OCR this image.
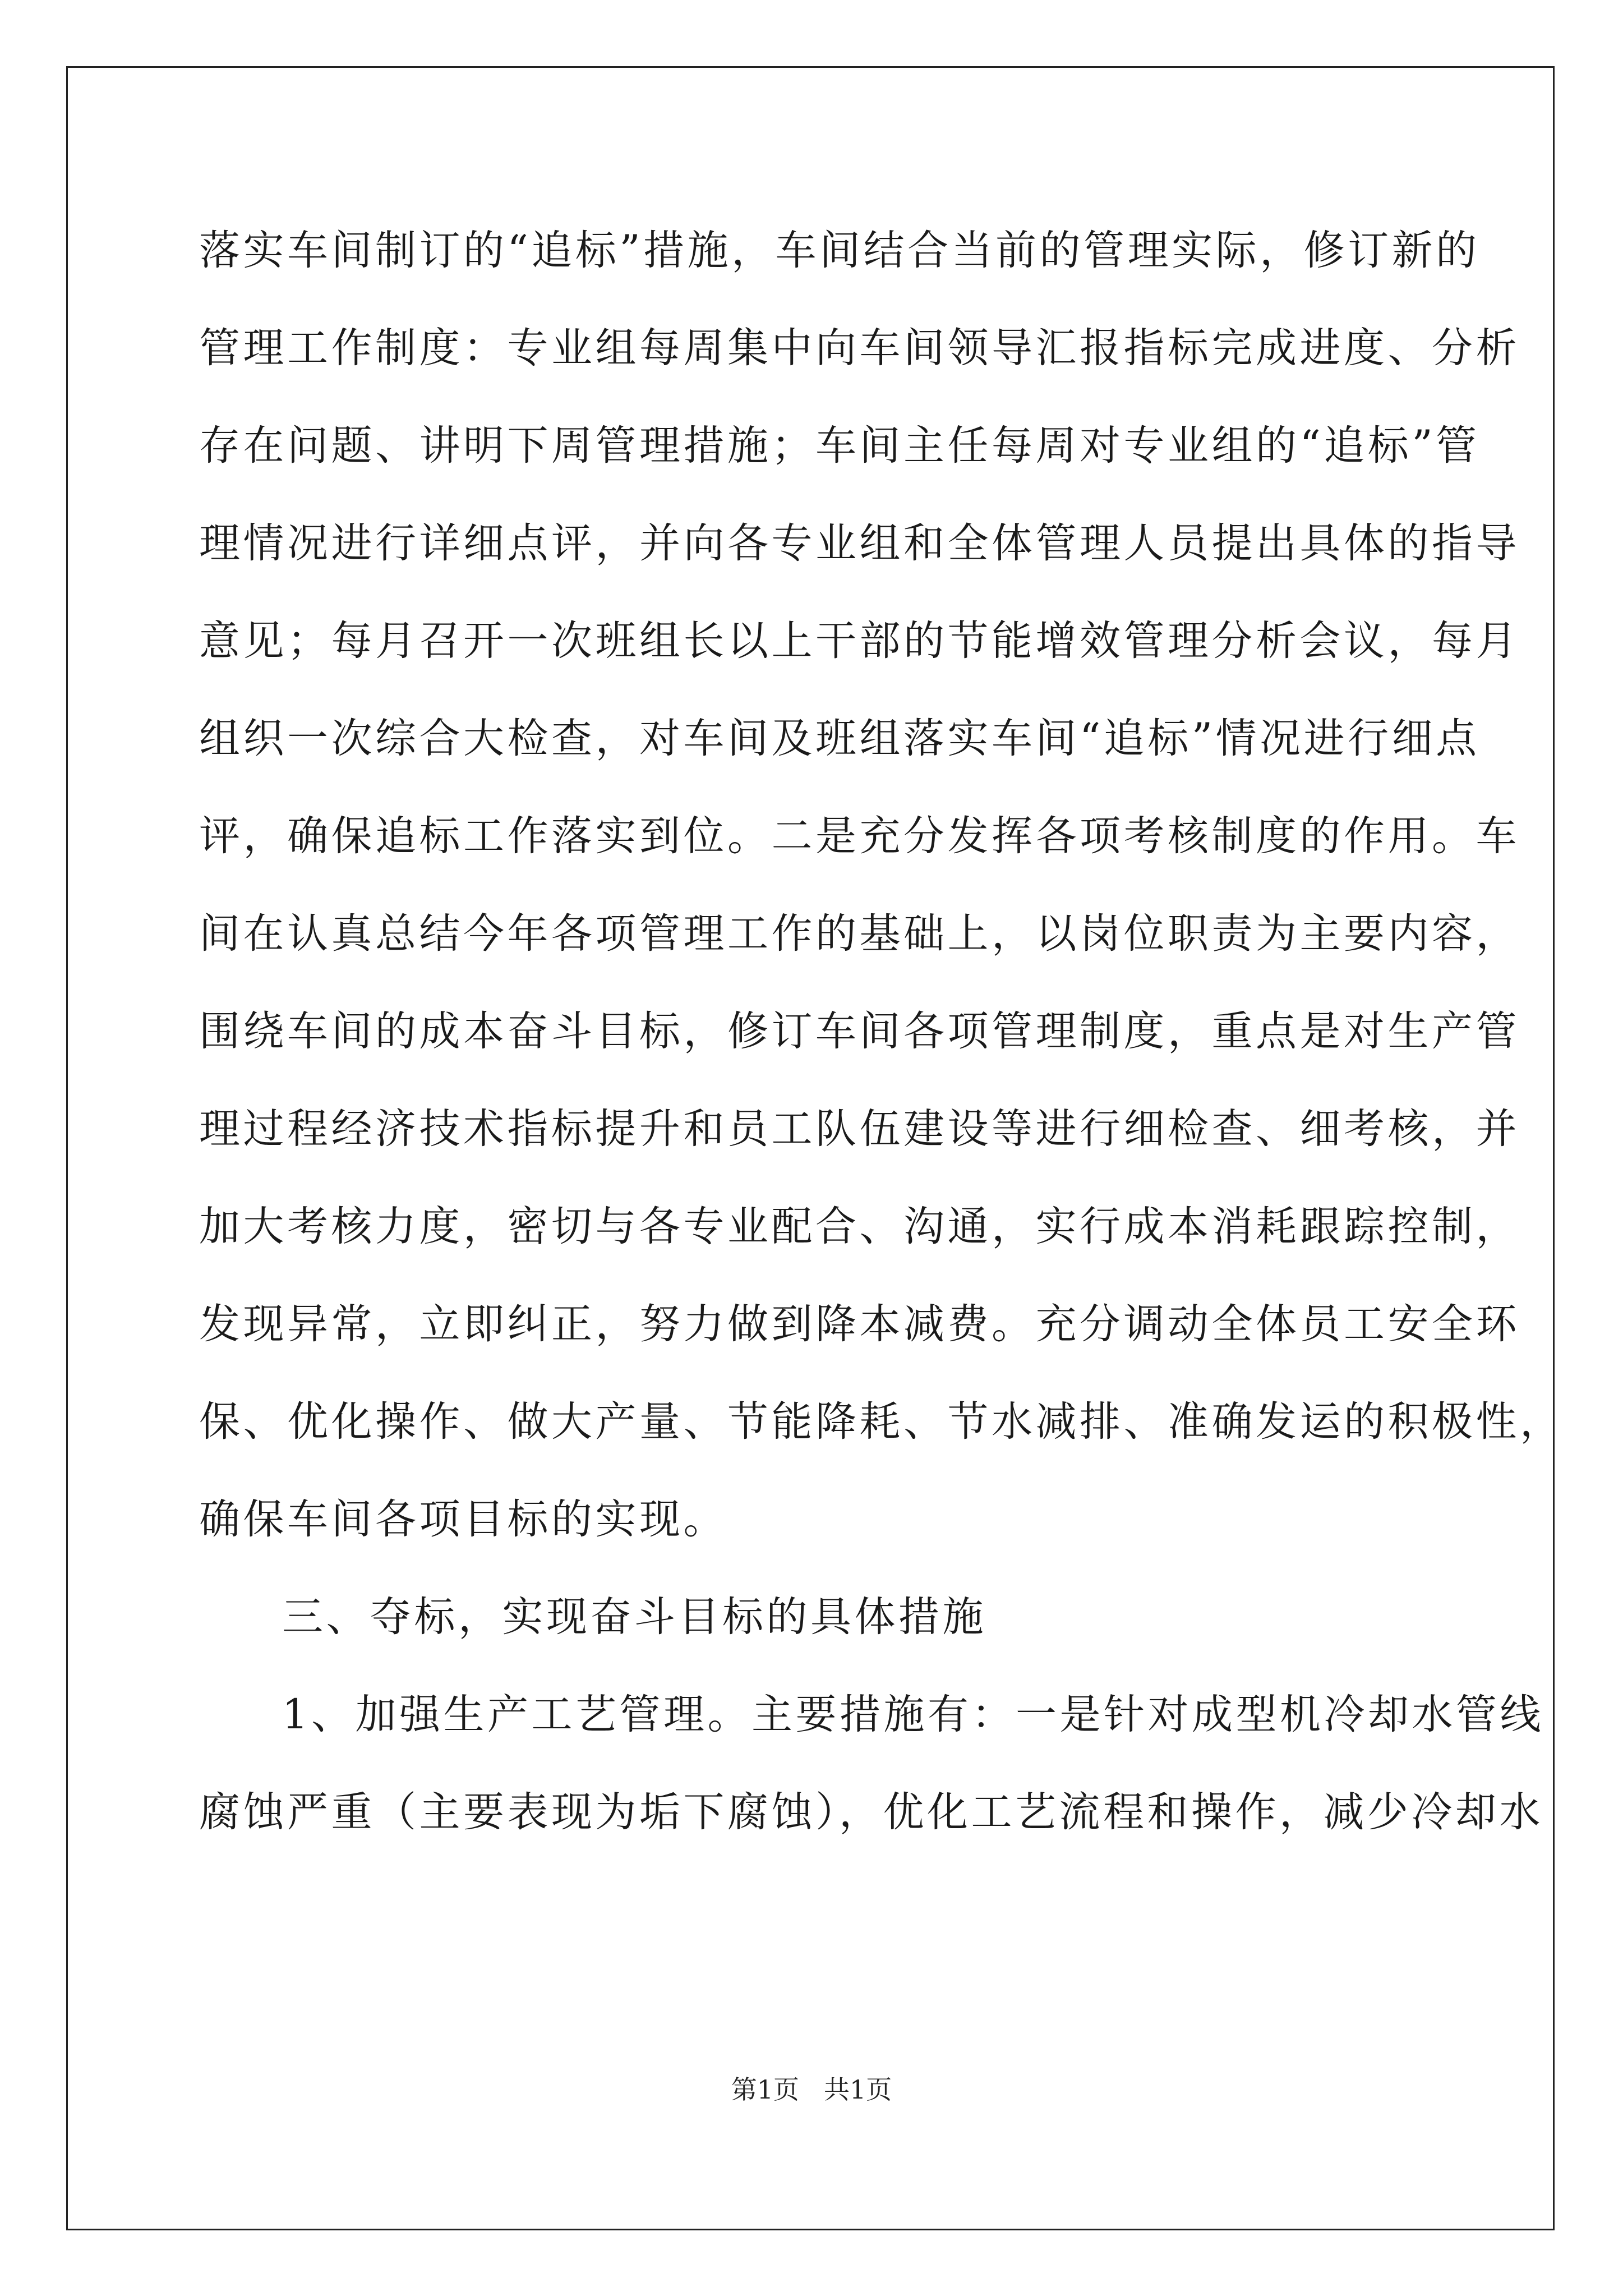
落实车间制订的“追标”措施，车间结合当前的管理实际，修订新的
管理工作制度：专业组每周集中向车间领导汇报指标完成进度、分析
存在问题、讲明下周管理措施；车间主任每周对专业组的“追标”管
理情况进行详细点评，并向各专业组和全体管理人员提出具体的指导
意见；每月召开一次班组长以上干部的节能增效管理分析会议，每月
组织一次综合大检查，对车间及班组落实车间“追标”情况进行细点
评，确保追标工作落实到位。二是充分发挥各项考核制度的作用。车
间在认真总结今年各项管理工作的基础上，以岗位职责为主要内容，
围绕车间的成本奋斗目标，修订车间各项管理制度，重点是对生产管
理过程经济技术指标提升和员工队伍建设等进行细检查、细考核，并
加大考核力度，密切与各专业配合、沟通，实行成本消耗跟踪控制，
发现异常，立即纠正，努力做到降本减费。充分调动全体员工安全环
保、优化操作、做大产量、节能降耗、节水减排、准确发运的积极性，
确保车间各项目标的实现。
三、夺标，实现奋斗目标的具体措施
1、加强生产工艺管理。主要措施有：一是针对成型机冷却水管线
腐蚀严重（主要表现为垢下腐蚀），优化工艺流程和操作，减少冷却水
第1页 共1页
